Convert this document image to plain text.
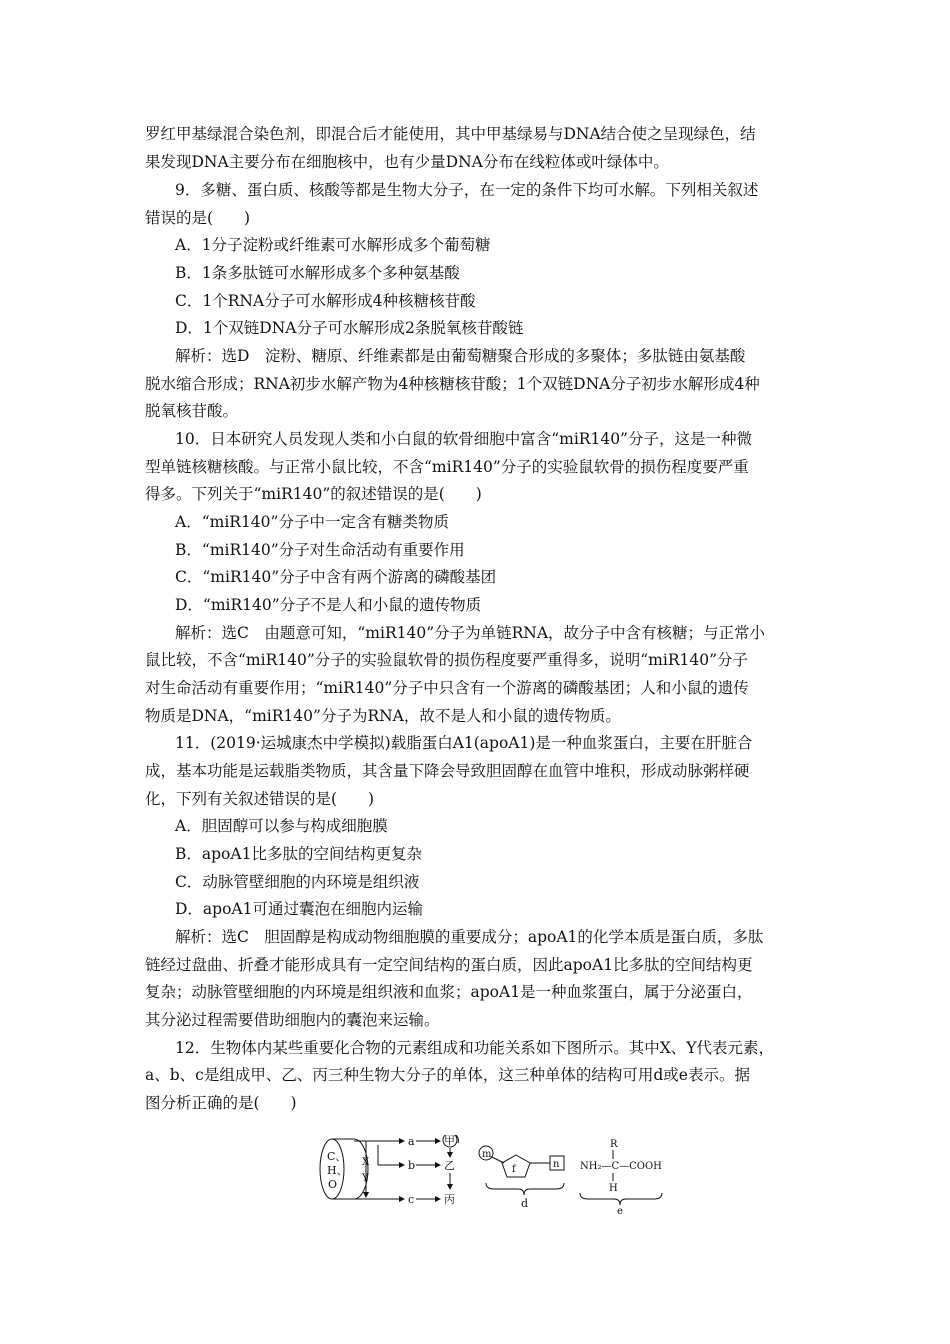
罗红甲基绿混合染色剂，即混合后才能使用，其中甲基绿易与DNA结合使之呈现绿色，结
果发现DNA主要分布在细胞核中，也有少量DNA分布在线粒体或叶绿体中。
9．多糖、蛋白质、核酸等都是生物大分子，在一定的条件下均可水解。下列相关叙述
错误的是(　　)
A．1分子淀粉或纤维素可水解形成多个葡萄糖
B．1条多肽链可水解形成多个多种氨基酸
C．1个RNA分子可水解形成4种核糖核苷酸
D．1个双链DNA分子可水解形成2条脱氧核苷酸链
解析：选D　淀粉、糖原、纤维素都是由葡萄糖聚合形成的多聚体；多肽链由氨基酸
脱水缩合形成；RNA初步水解产物为4种核糖核苷酸；1个双链DNA分子初步水解形成4种
脱氧核苷酸。
10．日本研究人员发现人类和小白鼠的软骨细胞中富含“miR140”分子，这是一种微
型单链核糖核酸。与正常小鼠比较，不含“miR140”分子的实验鼠软骨的损伤程度要严重
得多。下列关于“miR140”的叙述错误的是(　　)
A．“miR140”分子中一定含有糖类物质
B．“miR140”分子对生命活动有重要作用
C．“miR140”分子中含有两个游离的磷酸基团
D．“miR140”分子不是人和小鼠的遗传物质
解析：选C　由题意可知，“miR140”分子为单链RNA，故分子中含有核糖；与正常小
鼠比较，不含“miR140”分子的实验鼠软骨的损伤程度要严重得多，说明“miR140”分子
对生命活动有重要作用；“miR140”分子中只含有一个游离的磷酸基团；人和小鼠的遗传
物质是DNA，“miR140”分子为RNA，故不是人和小鼠的遗传物质。
11．(2019·运城康杰中学模拟)载脂蛋白A1(apoA1)是一种血浆蛋白，主要在肝脏合
成，基本功能是运载脂类物质，其含量下降会导致胆固醇在血管中堆积，形成动脉粥样硬
化，下列有关叙述错误的是(　　)
A．胆固醇可以参与构成细胞膜
B．apoA1比多肽的空间结构更复杂
C．动脉管壁细胞的内环境是组织液
D．apoA1可通过囊泡在细胞内运输
解析：选C　胆固醇是构成动物细胞膜的重要成分；apoA1的化学本质是蛋白质，多肽
链经过盘曲、折叠才能形成具有一定空间结构的蛋白质，因此apoA1比多肽的空间结构更
复杂；动脉管壁细胞的内环境是组织液和血浆；apoA1是一种血浆蛋白，属于分泌蛋白，
其分泌过程需要借助细胞内的囊泡来运输。
12．生物体内某些重要化合物的元素组成和功能关系如下图所示。其中X、Y代表元素，
a、b、c是组成甲、乙、丙三种生物大分子的单体，这三种单体的结构可用d或e表示。据
图分析正确的是(　　)
C、
H、
O
X
Y
a
b
c
甲
乙
丙
m
f	n
d
R
NH₂—C—COOH
H
e
